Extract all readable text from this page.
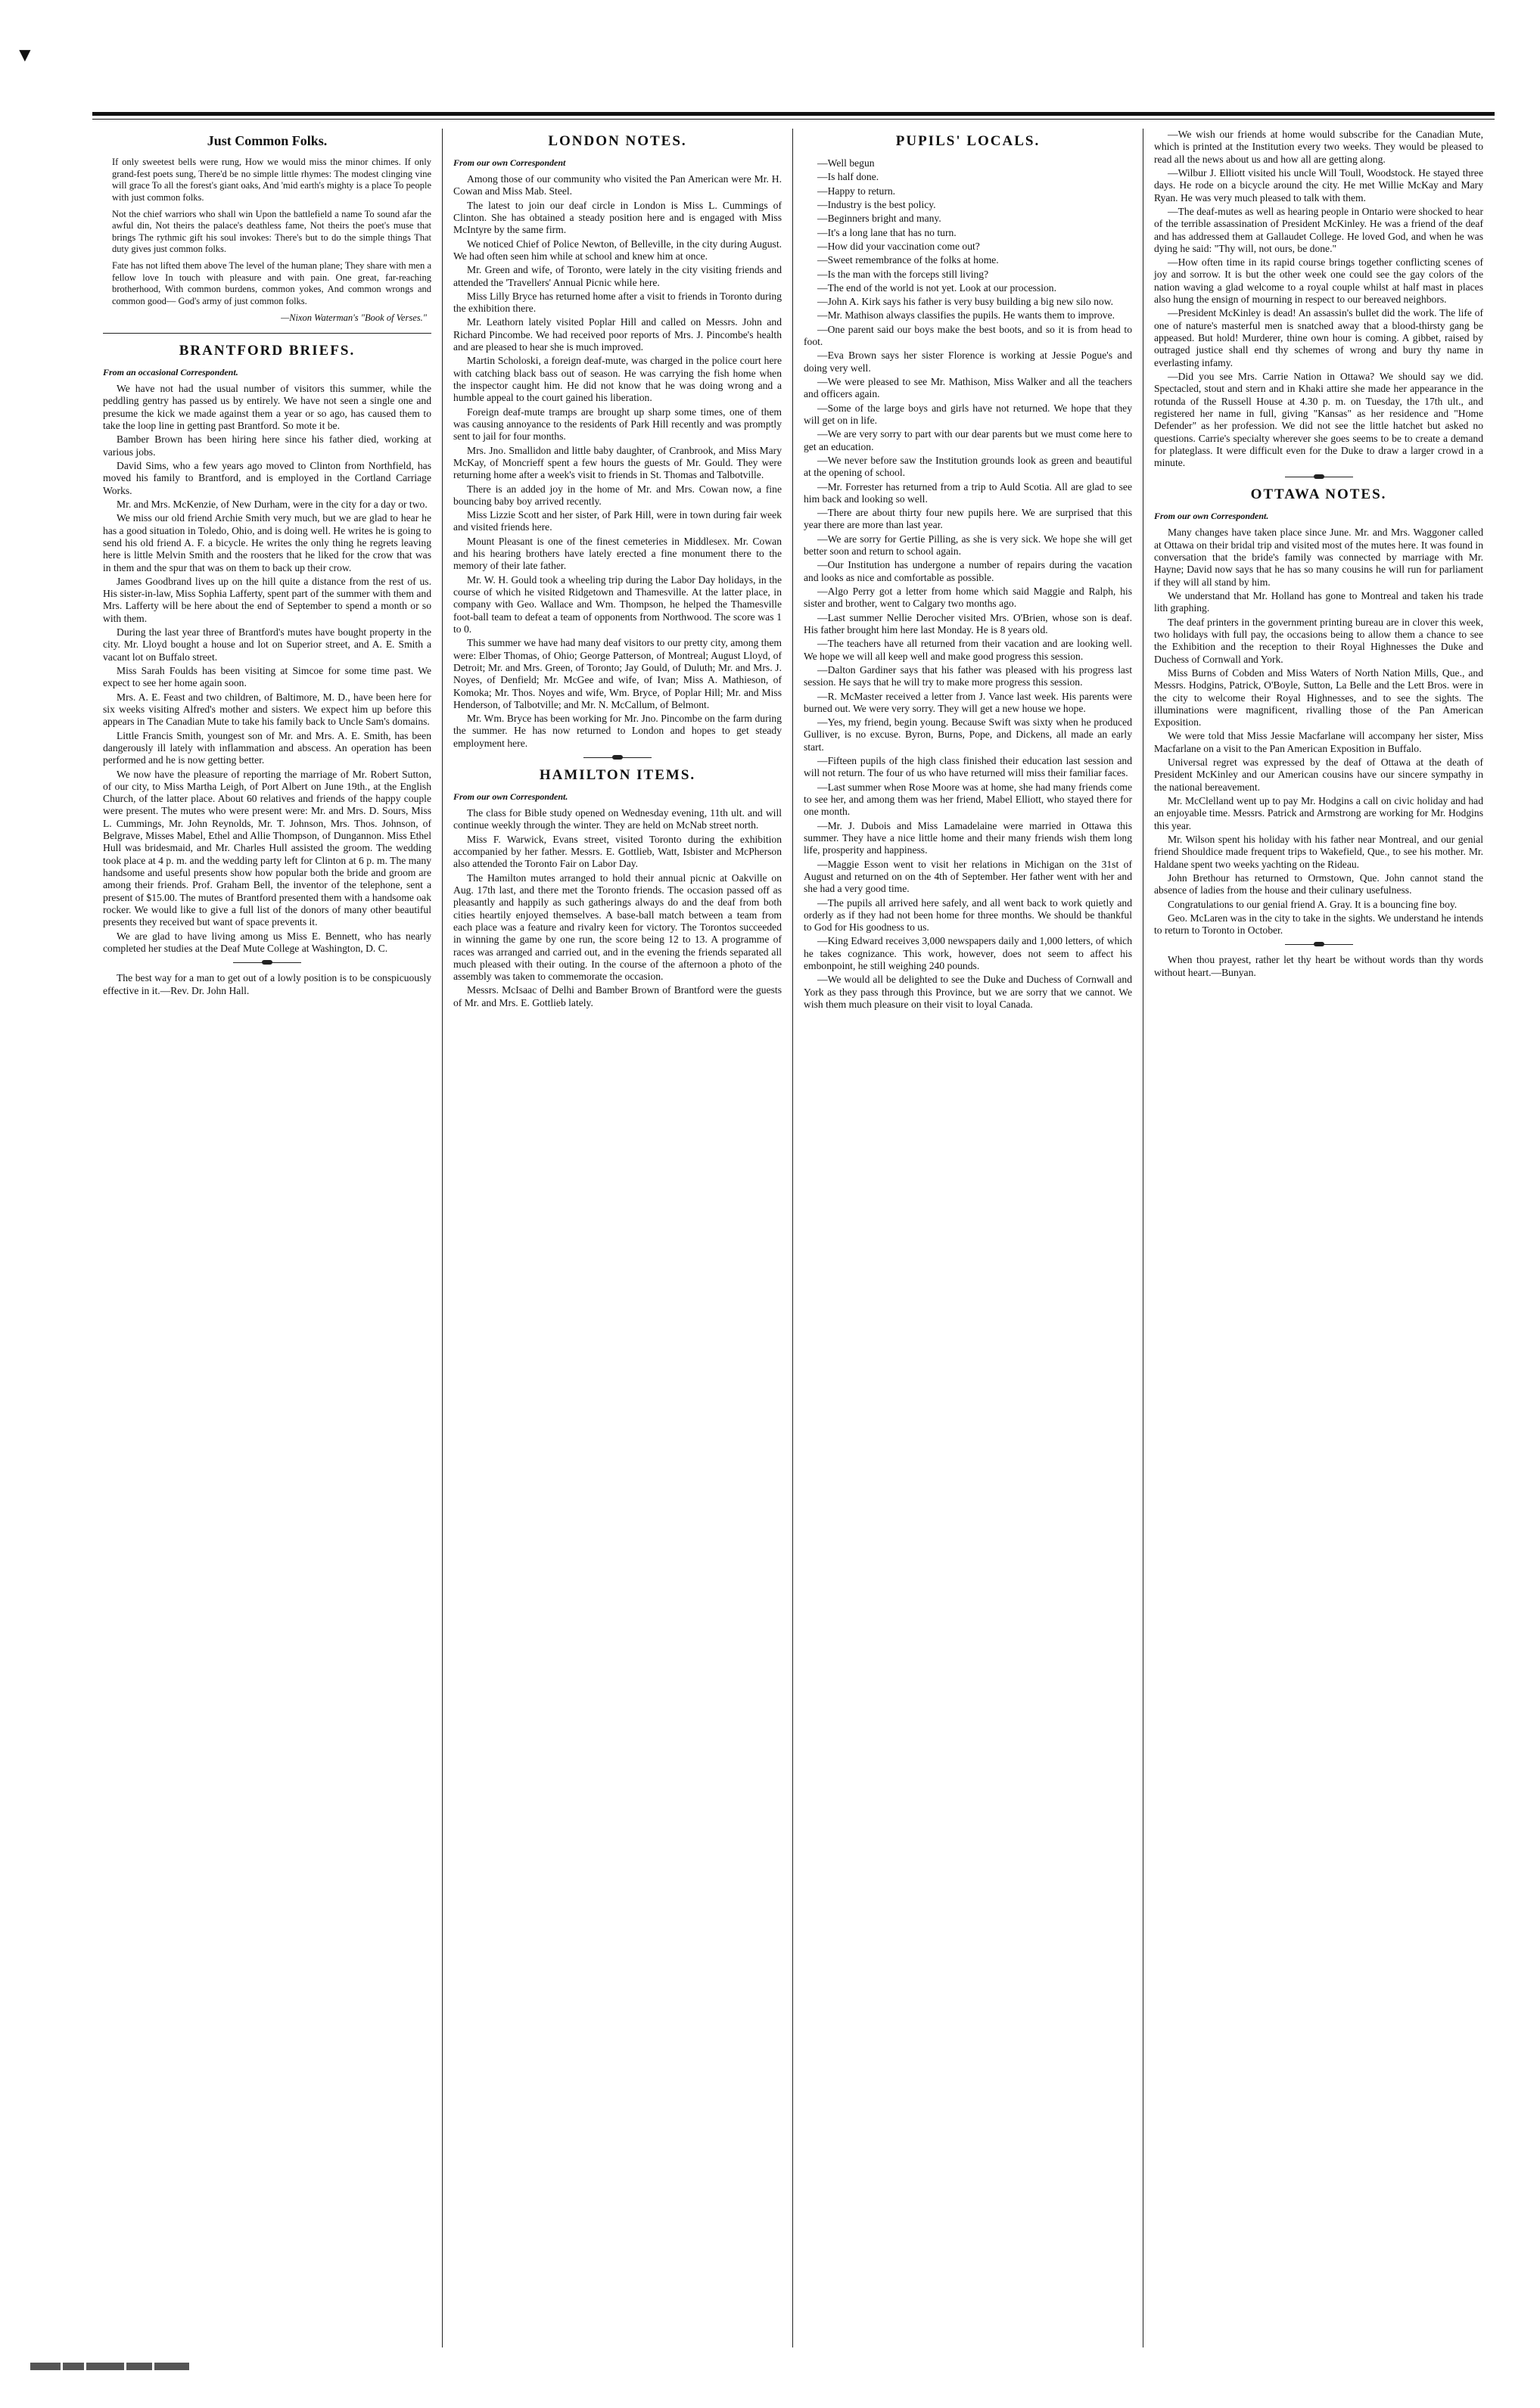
▼
Just Common Folks.

If only sweetest bells were rung, How we would miss the minor chimes. If only grand-fest poets sung, There'd be no simple little rhymes: The modest clinging vine will grace To all the forest's giant oaks, And 'mid earth's mighty is a place To people with just common folks.

Not the chief warriors who shall win Upon the battlefield a name To sound afar the awful din, Not theirs the palace's deathless fame, Not theirs the poet's muse that brings The rythmic gift his soul invokes: There's but to do the simple things That duty gives just common folks.

Fate has not lifted them above The level of the human plane; They share with men a fellow love In touch with pleasure and with pain. One great, far-reaching brotherhood, With common burdens, common yokes, And common wrongs and common good— God's army of just common folks.

—Nixon Waterman's "Book of Verses."

BRANTFORD BRIEFS.
From an occasional Correspondent.

We have not had the usual number of visitors this summer, while the peddling gentry has passed us by entirely. We have not seen a single one and presume the kick we made against them a year or so ago, has caused them to take the loop line in getting past Brantford. So mote it be.

Bamber Brown has been hiring here since his father died, working at various jobs.

David Sims, who a few years ago moved to Clinton from Northfield, has moved his family to Brantford, and is employed in the Cortland Carriage Works.

Mr. and Mrs. McKenzie, of New Durham, were in the city for a day or two.

We miss our old friend Archie Smith very much, but we are glad to hear he has a good situation in Toledo, Ohio, and is doing well. He writes he is going to send his old friend A. F. a bicycle. He writes the only thing he regrets leaving here is little Melvin Smith and the roosters that he liked for the crow that was in them and the spur that was on them to back up their crow.

James Goodbrand lives up on the hill quite a distance from the rest of us. His sister-in-law, Miss Sophia Lafferty, spent part of the summer with them and Mrs. Lafferty will be here about the end of September to spend a month or so with them.

During the last year three of Brantford's mutes have bought property in the city. Mr. Lloyd bought a house and lot on Superior street, and A. E. Smith a vacant lot on Buffalo street.

Miss Sarah Foulds has been visiting at Simcoe for some time past. We expect to see her home again soon.

Mrs. A. E. Feast and two children, of Baltimore, M. D., have been here for six weeks visiting Alfred's mother and sisters. We expect him up before this appears in The Canadian Mute to take his family back to Uncle Sam's domains.

Little Francis Smith, youngest son of Mr. and Mrs. A. E. Smith, has been dangerously ill lately with inflammation and abscess. An operation has been performed and he is now getting better.

We now have the pleasure of reporting the marriage of Mr. Robert Sutton, of our city, to Miss Martha Leigh, of Port Albert on June 19th., at the English Church, of the latter place. About 60 relatives and friends of the happy couple were present. The mutes who were present were: Mr. and Mrs. D. Sours, Miss L. Cummings, Mr. John Reynolds, Mr. T. Johnson, Mrs. Thos. Johnson, of Belgrave, Misses Mabel, Ethel and Allie Thompson, of Dungannon. Miss Ethel Hull was bridesmaid, and Mr. Charles Hull assisted the groom. The wedding took place at 4 p. m. and the wedding party left for Clinton at 6 p. m. The many handsome and useful presents show how popular both the bride and groom are among their friends. Prof. Graham Bell, the inventor of the telephone, sent a present of $15.00. The mutes of Brantford presented them with a handsome oak rocker. We would like to give a full list of the donors of many other beautiful presents they received but want of space prevents it.

We are glad to have living among us Miss E. Bennett, who has nearly completed her studies at the Deaf Mute College at Washington, D. C.

The best way for a man to get out of a lowly position is to be conspicuously effective in it.—Rev. Dr. John Hall.

LONDON NOTES.
From our own Correspondent

Among those of our community who visited the Pan American were Mr. H. Cowan and Miss Mab. Steel.

The latest to join our deaf circle in London is Miss L. Cummings of Clinton. She has obtained a steady position here and is engaged with Miss McIntyre by the same firm.

We noticed Chief of Police Newton, of Belleville, in the city during August. We had often seen him while at school and knew him at once.

Mr. Green and wife, of Toronto, were lately in the city visiting friends and attended the 'Travellers' Annual Picnic while here.

Miss Lilly Bryce has returned home after a visit to friends in Toronto during the exhibition there.

Mr. Leathorn lately visited Poplar Hill and called on Messrs. John and Richard Pincombe. We had received poor reports of Mrs. J. Pincombe's health and are pleased to hear she is much improved.

Martin Scholoski, a foreign deaf-mute, was charged in the police court here with catching black bass out of season. He was carrying the fish home when the inspector caught him. He did not know that he was doing wrong and a humble appeal to the court gained his liberation.

Foreign deaf-mute tramps are brought up sharp some times, one of them was causing annoyance to the residents of Park Hill recently and was promptly sent to jail for four months.

Mrs. Jno. Smallidon and little baby daughter, of Cranbrook, and Miss Mary McKay, of Moncrieff spent a few hours the guests of Mr. Gould. They were returning home after a week's visit to friends in St. Thomas and Talbotville.

There is an added joy in the home of Mr. and Mrs. Cowan now, a fine bouncing baby boy arrived recently.

Miss Lizzie Scott and her sister, of Park Hill, were in town during fair week and visited friends here.

Mount Pleasant is one of the finest cemeteries in Middlesex. Mr. Cowan and his hearing brothers have lately erected a fine monument there to the memory of their late father.

Mr. W. H. Gould took a wheeling trip during the Labor Day holidays, in the course of which he visited Ridgetown and Thamesville. At the latter place, in company with Geo. Wallace and Wm. Thompson, he helped the Thamesville foot-ball team to defeat a team of opponents from Northwood. The score was 1 to 0.

This summer we have had many deaf visitors to our pretty city, among them were: Elber Thomas, of Ohio; George Patterson, of Montreal; August Lloyd, of Detroit; Mr. and Mrs. Green, of Toronto; Jay Gould, of Duluth; Mr. and Mrs. J. Noyes, of Denfield; Mr. McGee and wife, of Ivan; Miss A. Mathieson, of Komoka; Mr. Thos. Noyes and wife, Wm. Bryce, of Poplar Hill; Mr. and Miss Henderson, of Talbotville; and Mr. N. McCallum, of Belmont.

Mr. Wm. Bryce has been working for Mr. Jno. Pincombe on the farm during the summer. He has now returned to London and hopes to get steady employment here.

HAMILTON ITEMS.
From our own Correspondent.

The class for Bible study opened on Wednesday evening, 11th ult. and will continue weekly through the winter. They are held on McNab street north.

Miss F. Warwick, Evans street, visited Toronto during the exhibition accompanied by her father. Messrs. E. Gottlieb, Watt, Isbister and McPherson also attended the Toronto Fair on Labor Day.

The Hamilton mutes arranged to hold their annual picnic at Oakville on Aug. 17th last, and there met the Toronto friends. The occasion passed off as pleasantly and happily as such gatherings always do and the deaf from both cities heartily enjoyed themselves. A base-ball match between a team from each place was a feature and rivalry keen for victory. The Torontos succeeded in winning the game by one run, the score being 12 to 13. A programme of races was arranged and carried out, and in the evening the friends separated all much pleased with their outing. In the course of the afternoon a photo of the assembly was taken to commemorate the occasion.

Messrs. McIsaac of Delhi and Bamber Brown of Brantford were the guests of Mr. and Mrs. E. Gottlieb lately.

PUPILS' LOCALS.

—Well begun

—Is half done.

—Happy to return.

—Industry is the best policy.

—Beginners bright and many.

—It's a long lane that has no turn.

—How did your vaccination come out?

—Sweet remembrance of the folks at home.

—Is the man with the forceps still living?

—The end of the world is not yet. Look at our procession.

—John A. Kirk says his father is very busy building a big new silo now.

—Mr. Mathison always classifies the pupils. He wants them to improve.

—One parent said our boys make the best boots, and so it is from head to foot.

—Eva Brown says her sister Florence is working at Jessie Pogue's and doing very well.

—We were pleased to see Mr. Mathison, Miss Walker and all the teachers and officers again.

—Some of the large boys and girls have not returned. We hope that they will get on in life.

—We are very sorry to part with our dear parents but we must come here to get an education.

—We never before saw the Institution grounds look as green and beautiful at the opening of school.

—Mr. Forrester has returned from a trip to Auld Scotia. All are glad to see him back and looking so well.

—There are about thirty four new pupils here. We are surprised that this year there are more than last year.

—We are sorry for Gertie Pilling, as she is very sick. We hope she will get better soon and return to school again.

—Our Institution has undergone a number of repairs during the vacation and looks as nice and comfortable as possible.

—Algo Perry got a letter from home which said Maggie and Ralph, his sister and brother, went to Calgary two months ago.

—Last summer Nellie Derocher visited Mrs. O'Brien, whose son is deaf. His father brought him here last Monday. He is 8 years old.

—The teachers have all returned from their vacation and are looking well. We hope we will all keep well and make good progress this session.

—Dalton Gardiner says that his father was pleased with his progress last session. He says that he will try to make more progress this session.

—R. McMaster received a letter from J. Vance last week. His parents were burned out. We were very sorry. They will get a new house we hope.

—Yes, my friend, begin young. Because Swift was sixty when he produced Gulliver, is no excuse. Byron, Burns, Pope, and Dickens, all made an early start.

—Fifteen pupils of the high class finished their education last session and will not return. The four of us who have returned will miss their familiar faces.

—Last summer when Rose Moore was at home, she had many friends come to see her, and among them was her friend, Mabel Elliott, who stayed there for one month.

—Mr. J. Dubois and Miss Lamadelaine were married in Ottawa this summer. They have a nice little home and their many friends wish them long life, prosperity and happiness.

—Maggie Esson went to visit her relations in Michigan on the 31st of August and returned on on the 4th of September. Her father went with her and she had a very good time.

—The pupils all arrived here safely, and all went back to work quietly and orderly as if they had not been home for three months. We should be thankful to God for His goodness to us.

—King Edward receives 3,000 newspapers daily and 1,000 letters, of which he takes cognizance. This work, however, does not seem to affect his embonpoint, he still weighing 240 pounds.

—We would all be delighted to see the Duke and Duchess of Cornwall and York as they pass through this Province, but we are sorry that we cannot. We wish them much pleasure on their visit to loyal Canada.

—We wish our friends at home would subscribe for the Canadian Mute, which is printed at the Institution every two weeks. They would be pleased to read all the news about us and how all are getting along.

—Wilbur J. Elliott visited his uncle Will Toull, Woodstock. He stayed three days. He rode on a bicycle around the city. He met Willie McKay and Mary Ryan. He was very much pleased to talk with them.

—The deaf-mutes as well as hearing people in Ontario were shocked to hear of the terrible assassination of President McKinley. He was a friend of the deaf and has addressed them at Gallaudet College. He loved God, and when he was dying he said: "Thy will, not ours, be done."

—How often time in its rapid course brings together conflicting scenes of joy and sorrow. It is but the other week one could see the gay colors of the nation waving a glad welcome to a royal couple whilst at half mast in places also hung the ensign of mourning in respect to our bereaved neighbors.

—President McKinley is dead! An assassin's bullet did the work. The life of one of nature's masterful men is snatched away that a blood-thirsty gang be appeased. But hold! Murderer, thine own hour is coming. A gibbet, raised by outraged justice shall end thy schemes of wrong and bury thy name in everlasting infamy.

—Did you see Mrs. Carrie Nation in Ottawa? We should say we did. Spectacled, stout and stern and in Khaki attire she made her appearance in the rotunda of the Russell House at 4.30 p. m. on Tuesday, the 17th ult., and registered her name in full, giving "Kansas" as her residence and "Home Defender" as her profession. We did not see the little hatchet but asked no questions. Carrie's specialty wherever she goes seems to be to create a demand for plateglass. It were difficult even for the Duke to draw a larger crowd in a minute.

OTTAWA NOTES.
From our own Correspondent.

Many changes have taken place since June. Mr. and Mrs. Waggoner called at Ottawa on their bridal trip and visited most of the mutes here. It was found in conversation that the bride's family was connected by marriage with Mr. Hayne; David now says that he has so many cousins he will run for parliament if they will all stand by him.

We understand that Mr. Holland has gone to Montreal and taken his trade lith graphing.

The deaf printers in the government printing bureau are in clover this week, two holidays with full pay, the occasions being to allow them a chance to see the Exhibition and the reception to their Royal Highnesses the Duke and Duchess of Cornwall and York.

Miss Burns of Cobden and Miss Waters of North Nation Mills, Que., and Messrs. Hodgins, Patrick, O'Boyle, Sutton, La Belle and the Lett Bros. were in the city to welcome their Royal Highnesses, and to see the sights. The illuminations were magnificent, rivalling those of the Pan American Exposition.

We were told that Miss Jessie Macfarlane will accompany her sister, Miss Macfarlane on a visit to the Pan American Exposition in Buffalo.

Universal regret was expressed by the deaf of Ottawa at the death of President McKinley and our American cousins have our sincere sympathy in the national bereavement.

Mr. McClelland went up to pay Mr. Hodgins a call on civic holiday and had an enjoyable time. Messrs. Patrick and Armstrong are working for Mr. Hodgins this year.

Mr. Wilson spent his holiday with his father near Montreal, and our genial friend Shouldice made frequent trips to Wakefield, Que., to see his mother. Mr. Haldane spent two weeks yachting on the Rideau.

John Brethour has returned to Ormstown, Que. John cannot stand the absence of ladies from the house and their culinary usefulness.

Congratulations to our genial friend A. Gray. It is a bouncing fine boy.

Geo. McLaren was in the city to take in the sights. We understand he intends to return to Toronto in October.

When thou prayest, rather let thy heart be without words than thy words without heart.—Bunyan.
